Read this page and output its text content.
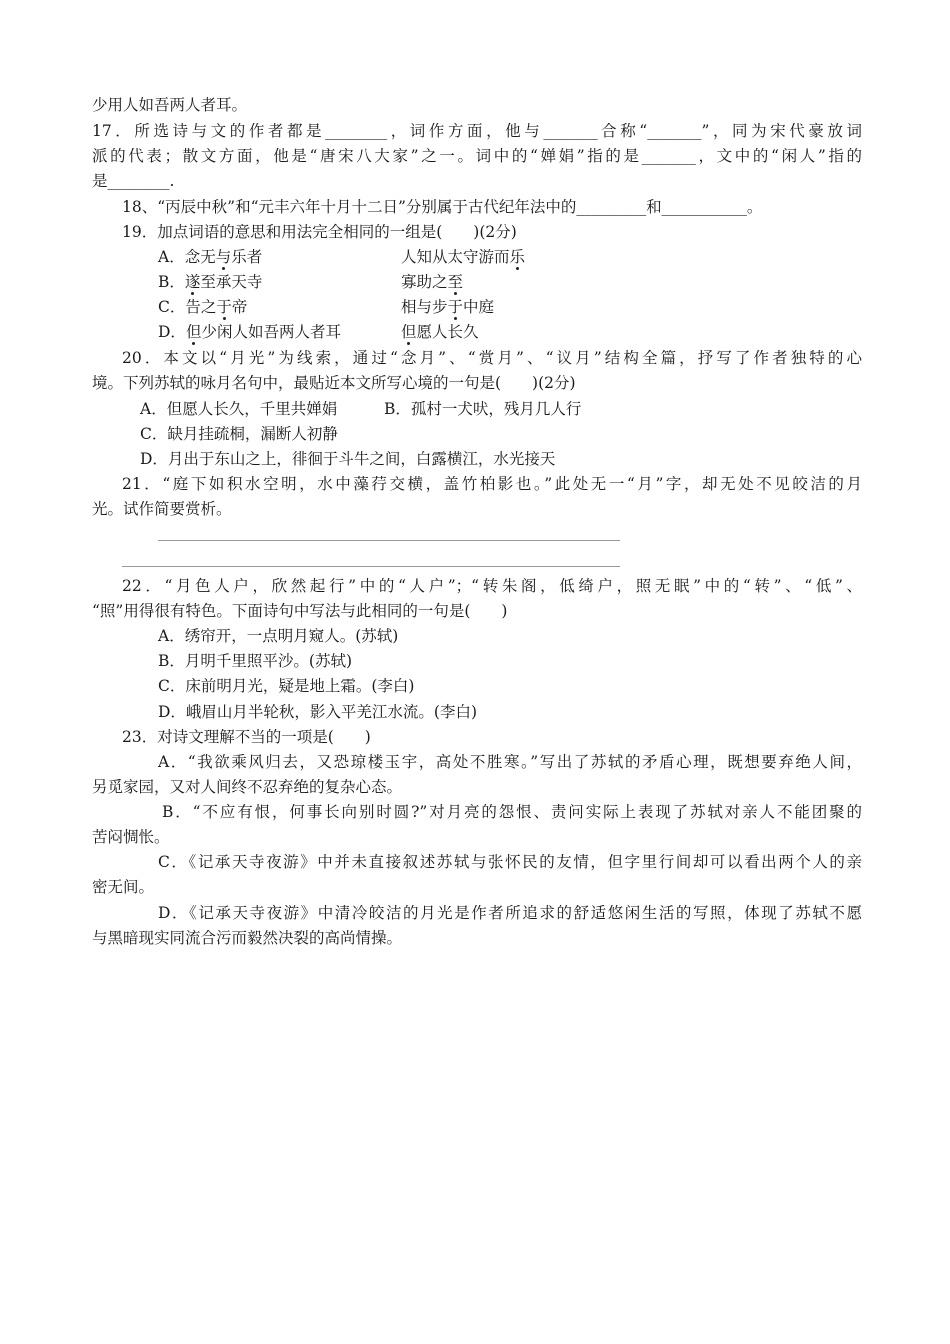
少用人如吾两人者耳。
17．所选诗与文的作者都是________，词作方面，他与_______合称“_______”，同为宋代豪放词
派的代表；散文方面，他是“唐宋八大家”之一。词中的“婵娟”指的是_______，文中的“闲人”指的
是________.
18、“丙辰中秋”和“元丰六年十月十二日”分别属于古代纪年法中的_________和___________。
19．加点词语的意思和用法完全相同的一组是(　　)(2分)
A．念无与乐者	人知从太守游而乐
B．遂至承天寺	寡助之至
C．告之于帝	相与步于中庭
D．但少闲人如吾两人者耳	但愿人长久
20．本文以“月光”为线索，通过“念月”、“赏月”、“议月”结构全篇，抒写了作者独特的心
境。下列苏轼的咏月名句中，最贴近本文所写心境的一句是(　　)(2分)
A．但愿人长久，千里共婵娟	B．孤村一犬吠，残月几人行
C．缺月挂疏桐，漏断人初静
D．月出于东山之上，徘徊于斗牛之间，白露横江，水光接天
21．“庭下如积水空明，水中藻荇交横，盖竹柏影也。”此处无一“月”字，却无处不见皎洁的月
光。试作简要赏析。
22．“月色人户，欣然起行”中的“人户”；“转朱阁，低绮户，照无眠”中的“转”、“低”、
“照”用得很有特色。下面诗句中写法与此相同的一句是(　　)
A．绣帘开，一点明月窥人。(苏轼)
B．月明千里照平沙。(苏轼)
C．床前明月光，疑是地上霜。(李白)
D．峨眉山月半轮秋，影入平羌江水流。(李白)
23．对诗文理解不当的一项是(　　)
A．“我欲乘风归去，又恐琼楼玉宇，高处不胜寒。”写出了苏轼的矛盾心理，既想要弃绝人间，
另觅家园，又对人间终不忍弃绝的复杂心态。
B．“不应有恨，何事长向别时圆?”对月亮的怨恨、责问实际上表现了苏轼对亲人不能团聚的
苦闷惆怅。
C．《记承天寺夜游》中并未直接叙述苏轼与张怀民的友情，但字里行间却可以看出两个人的亲
密无间。
D．《记承天寺夜游》中清冷皎洁的月光是作者所追求的舒适悠闲生活的写照，体现了苏轼不愿
与黑暗现实同流合污而毅然决裂的高尚情操。
